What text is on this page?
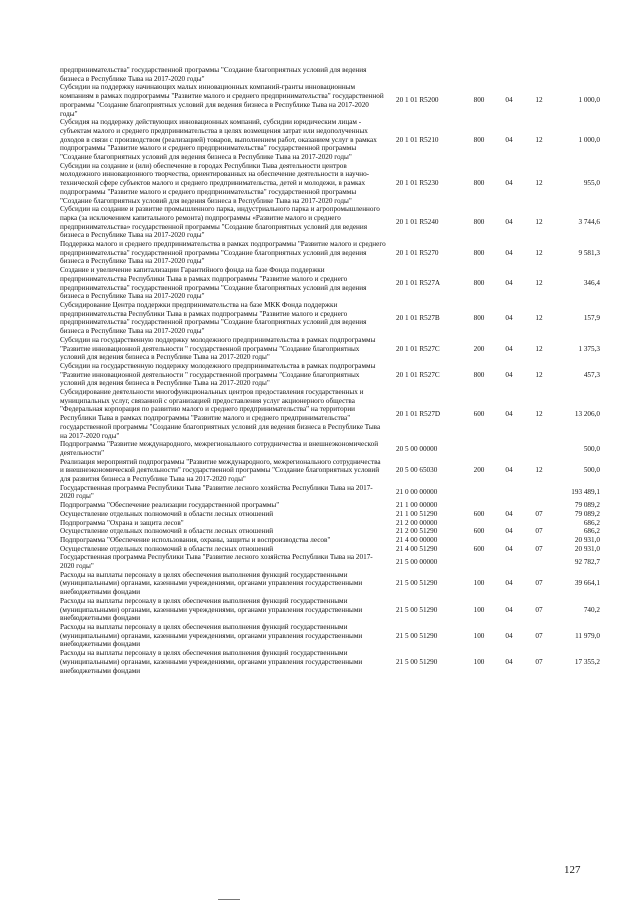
предпринимательства" государственной программы "Создание благоприятных условий для ведения бизнеса в Республике Тыва на 2017-2020 годы"					
Субсидии на поддержку начинающих малых инновационных компаний-гранты инновационным компаниям в рамках подпрограммы "Развитие малого и среднего предпринимательства" государственной программы "Создание благоприятных условий для ведения бизнеса в Республике Тыва на 2017-2020 годы"	20 1 01 R5200	800	04	12	1 000,0
Субсидия на поддержку действующих инновационных компаний, субсидии юридическим лицам - субъектам малого и среднего предпринимательства в целях возмещения затрат или недополученных доходов в связи с производством (реализацией) товаров, выполнением работ, оказанием услуг в рамках подпрограммы "Развитие малого и среднего предпринимательства" государственной программы "Создание благоприятных условий для ведения бизнеса в Республике Тыва на 2017-2020 годы"	20 1 01 R5210	800	04	12	1 000,0
Субсидии на создание и (или) обеспечение в городах Республики Тыва деятельности центров молодежного инновационного творчества, ориентированных на обеспечение деятельности в научно-технической сфере субъектов малого и среднего предпринимательства, детей и молодежи, в рамках подпрограммы "Развитие малого и среднего предпринимательства" государственной программы "Создание благоприятных условий для ведения бизнеса в Республике Тыва на 2017-2020 годы"	20 1 01 R5230	800	04	12	955,0
Субсидии на создание и развитие промышленного парка, индустриального парка и агропромышленного парка (за исключением капитального ремонта) подпрограммы «Развитие малого и среднего предпринимательства» государственной программы "Создание благоприятных условий для ведения бизнеса в Республике Тыва на 2017-2020 годы"	20 1 01 R5240	800	04	12	3 744,6
Поддержка малого и среднего предпринимательства в рамках подпрограммы "Развитие малого и среднего предпринимательства" государственной программы "Создание благоприятных условий для ведения бизнеса в Республике Тыва на 2017-2020 годы"	20 1 01 R5270	800	04	12	9 581,3
Создание и увеличение капитализации Гарантийного фонда на базе Фонда поддержки предпринимательства Республики Тыва в рамках подпрограммы "Развитие малого и среднего предпринимательства" государственной программы "Создание благоприятных условий для ведения бизнеса в Республике Тыва на 2017-2020 годы"	20 1 01 R527А	800	04	12	346,4
Субсидирование Центра поддержки предпринимательства на базе МКК Фонда поддержки предпринимательства Республики Тыва в рамках подпрограммы "Развитие малого и среднего предпринимательства" государственной программы "Создание благоприятных условий для ведения бизнеса в Республике Тыва на 2017-2020 годы"	20 1 01 R527В	800	04	12	157,9
Субсидии на государственную поддержку молодежного предпринимательства в рамках подпрограммы "Развитие инновационной деятельности " государственной программы "Создание благоприятных условий для ведения бизнеса в Республике Тыва на 2017-2020 годы"	20 1 01 R527С	200	04	12	1 375,3
Субсидии на государственную поддержку молодежного предпринимательства в рамках подпрограммы "Развитие инновационной деятельности " государственной программы "Создание благоприятных условий для ведения бизнеса в Республике Тыва на 2017-2020 годы"	20 1 01 R527С	800	04	12	457,3
Субсидирование деятельности многофункциональных центров предоставления государственных и муниципальных услуг, связанной с организацией предоставления услуг акционерного общества "Федеральная корпорация по развитию малого и среднего предпринимательства" на территории Республики Тыва в рамках подпрограммы "Развитие малого и среднего предпринимательства" государственной программы "Создание благоприятных условий для ведения бизнеса в Республике Тыва на 2017-2020 годы"	20 1 01 R527D	600	04	12	13 206,0
Подпрограмма "Развитие международного, межрегионального сотрудничества и внешнеэкономической деятельности"	20 5 00 00000				500,0
Реализация мероприятий подпрограммы "Развитие международного, межрегионального сотрудничества и внешнеэкономической деятельности" государственной программы "Создание благоприятных условий для развития бизнеса в Республике Тыва на 2017-2020 годы"	20 5 00 65030	200	04	12	500,0
Государственная программа Республики Тыва "Развитие лесного хозяйства Республики Тыва на 2017-2020 годы"	21 0 00 00000				193 489,1
Подпрограмма "Обеспечение реализации государственной программы"	21 1 00 00000				79 089,2
Осуществление отдельных полномочий в области лесных отношений	21 1 00 51290	600	04	07	79 089,2
Подпрограмма "Охрана и защита лесов"	21 2 00 00000				686,2
Осуществление отдельных полномочий в области лесных отношений	21 2 00 51290	600	04	07	686,2
Подпрограмма "Обеспечение использования, охраны, защиты и воспроизводства лесов"	21 4 00 00000				20 931,0
Осуществление отдельных полномочий в области лесных отношений	21 4 00 51290	600	04	07	20 931,0
Государственная программа Республики Тыва "Развитие лесного хозяйства Республики Тыва на 2017-2020 годы"	21 5 00 00000				92 782,7
Расходы на выплаты персоналу в целях обеспечения выполнения функций государственными (муниципальными) органами, казенными учреждениями, органами управления государственными внебюджетными фондами	21 5 00 51290	100	04	07	39 664,1
Расходы на выплаты персоналу в целях обеспечения выполнения функций государственными (муниципальными) органами, казенными учреждениями, органами управления государственными внебюджетными фондами	21 5 00 51290	100	04	07	740,2
Расходы на выплаты персоналу в целях обеспечения выполнения функций государственными (муниципальными) органами, казенными учреждениями, органами управления государственными внебюджетными фондами	21 5 00 51290	100	04	07	11 979,0
Расходы на выплаты персоналу в целях обеспечения выполнения функций государственными (муниципальными) органами, казенными учреждениями, органами управления государственными внебюджетными фондами	21 5 00 51290	100	04	07	17 355,2
127
